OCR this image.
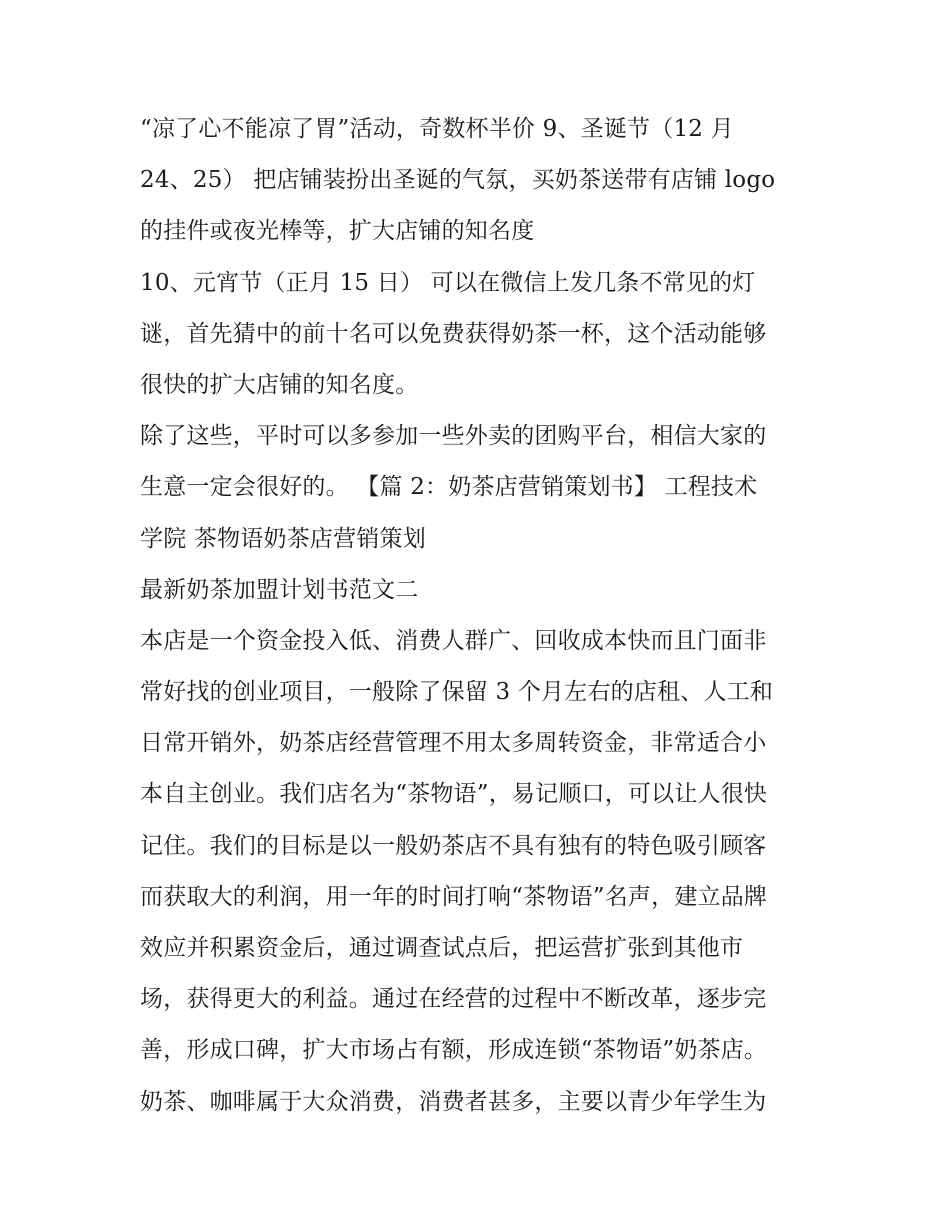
“凉了心不能凉了胃”活动，奇数杯半价 9、圣诞节（12 月
24、25） 把店铺装扮出圣诞的气氛，买奶茶送带有店铺 logo
的挂件或夜光棒等，扩大店铺的知名度
10、元宵节（正月 15 日） 可以在微信上发几条不常见的灯
谜，首先猜中的前十名可以免费获得奶茶一杯，这个活动能够
很快的扩大店铺的知名度。
除了这些，平时可以多参加一些外卖的团购平台，相信大家的
生意一定会很好的。 【篇 2：奶茶店营销策划书】 工程技术
学院 茶物语奶茶店营销策划
最新奶茶加盟计划书范文二
本店是一个资金投入低、消费人群广、回收成本快而且门面非
常好找的创业项目，一般除了保留 3 个月左右的店租、人工和
日常开销外，奶茶店经营管理不用太多周转资金，非常适合小
本自主创业。我们店名为“茶物语”，易记顺口，可以让人很快
记住。我们的目标是以一般奶茶店不具有独有的特色吸引顾客
而获取大的利润，用一年的时间打响“茶物语”名声，建立品牌
效应并积累资金后，通过调查试点后，把运营扩张到其他市
场，获得更大的利益。通过在经营的过程中不断改革，逐步完
善，形成口碑，扩大市场占有额，形成连锁“茶物语”奶茶店。
奶茶、咖啡属于大众消费，消费者甚多，主要以青少年学生为
